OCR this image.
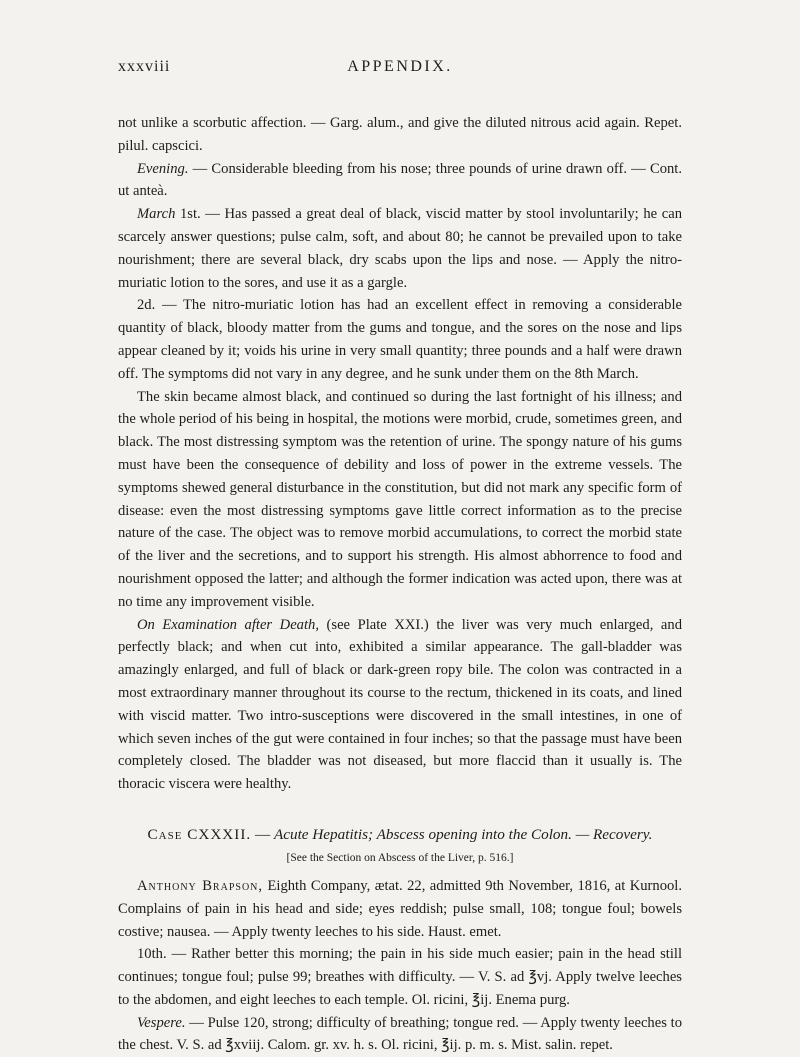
xxxviii	APPENDIX.

not unlike a scorbutic affection. — Garg. alum., and give the diluted nitrous acid again. Repet. pilul. capscici.

Evening. — Considerable bleeding from his nose; three pounds of urine drawn off. — Cont. ut anteà.

March 1st. — Has passed a great deal of black, viscid matter by stool involuntarily; he can scarcely answer questions; pulse calm, soft, and about 80; he cannot be prevailed upon to take nourishment; there are several black, dry scabs upon the lips and nose. — Apply the nitro-muriatic lotion to the sores, and use it as a gargle.

2d. — The nitro-muriatic lotion has had an excellent effect in removing a considerable quantity of black, bloody matter from the gums and tongue, and the sores on the nose and lips appear cleaned by it; voids his urine in very small quantity; three pounds and a half were drawn off. The symptoms did not vary in any degree, and he sunk under them on the 8th March.

The skin became almost black, and continued so during the last fortnight of his illness; and the whole period of his being in hospital, the motions were morbid, crude, sometimes green, and black. The most distressing symptom was the retention of urine. The spongy nature of his gums must have been the consequence of debility and loss of power in the extreme vessels. The symptoms shewed general disturbance in the constitution, but did not mark any specific form of disease: even the most distressing symptoms gave little correct information as to the precise nature of the case. The object was to remove morbid accumulations, to correct the morbid state of the liver and the secretions, and to support his strength. His almost abhorrence to food and nourishment opposed the latter; and although the former indication was acted upon, there was at no time any improvement visible.

On Examination after Death, (see Plate XXI.) the liver was very much enlarged, and perfectly black; and when cut into, exhibited a similar appearance. The gall-bladder was amazingly enlarged, and full of black or dark-green ropy bile. The colon was contracted in a most extraordinary manner throughout its course to the rectum, thickened in its coats, and lined with viscid matter. Two intro-susceptions were discovered in the small intestines, in one of which seven inches of the gut were contained in four inches; so that the passage must have been completely closed. The bladder was not diseased, but more flaccid than it usually is. The thoracic viscera were healthy.

Case CXXXII. — Acute Hepatitis; Abscess opening into the Colon. — Recovery.
[See the Section on Abscess of the Liver, p. 516.]

Anthony Brapson, Eighth Company, ætat. 22, admitted 9th November, 1816, at Kurnool. Complains of pain in his head and side; eyes reddish; pulse small, 108; tongue foul; bowels costive; nausea. — Apply twenty leeches to his side. Haust. emet.

10th. — Rather better this morning; the pain in his side much easier; pain in the head still continues; tongue foul; pulse 99; breathes with difficulty. — V. S. ad ℥vj. Apply twelve leeches to the abdomen, and eight leeches to each temple. Ol. ricini, ℥ij. Enema purg.

Vespere. — Pulse 120, strong; difficulty of breathing; tongue red. — Apply twenty leeches to the chest. V. S. ad ℥xviij. Calom. gr. xv. h. s. Ol. ricini, ℥ij. p. m. s. Mist. salin. repet.
